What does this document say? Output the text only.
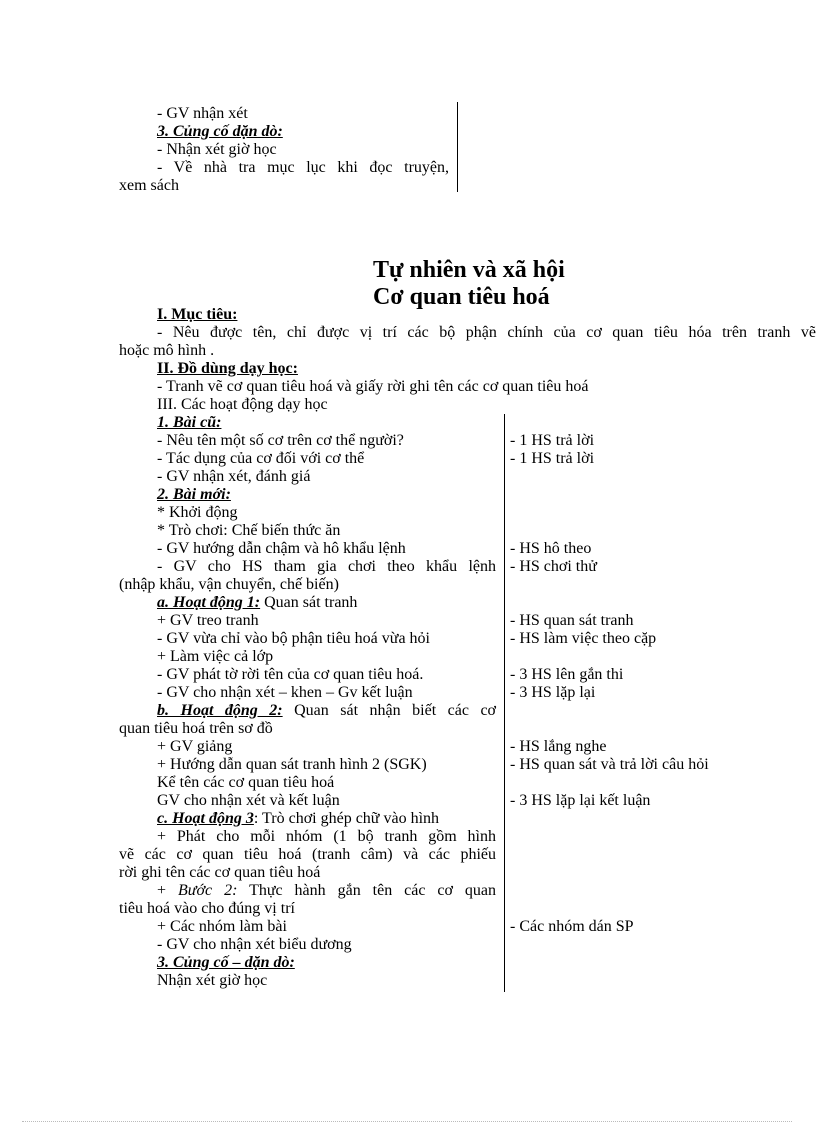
- GV nhận xét
3. Củng cố dặn dò:
- Nhận xét giờ học
- Về nhà tra mục lục khi đọc truyện,
xem sách
Tự nhiên và xã hội
Cơ quan tiêu hoá
I. Mục tiêu:
- Nêu được tên, chỉ được vị trí các bộ phận chính của cơ quan tiêu hóa trên tranh vẽ
hoặc mô hình .
II. Đồ dùng dạy học:
- Tranh vẽ cơ quan tiêu hoá và giấy rời ghi tên các cơ quan tiêu hoá
III. Các hoạt động dạy học
1. Bài cũ:
- Nêu tên một số cơ trên cơ thể người?
- Tác dụng của cơ đối với cơ thể
- GV nhận xét, đánh giá
2. Bài mới:
* Khởi động
* Trò chơi: Chế biến thức ăn
- GV hướng dẫn chậm và hô khẩu lệnh
- GV cho HS tham gia chơi theo khẩu lệnh
(nhập khẩu, vận chuyển, chế biến)
a. Hoạt động 1: Quan sát tranh
+ GV treo tranh
- GV vừa chỉ vào bộ phận tiêu hoá vừa hỏi
+ Làm việc cả lớp
- GV phát tờ rời tên của cơ quan tiêu hoá.
- GV cho nhận xét – khen – Gv kết luận
b. Hoạt động 2: Quan sát nhận biết các cơ
quan tiêu hoá trên sơ đồ
+ GV giảng
+ Hướng dẫn quan sát tranh hình 2 (SGK)
Kể tên các cơ quan tiêu hoá
GV cho nhận xét và kết luận
c. Hoạt động 3: Trò chơi ghép chữ vào hình
+ Phát cho mỗi nhóm (1 bộ tranh gồm hình
vẽ các cơ quan tiêu hoá (tranh câm) và các phiếu
rời ghi tên các cơ quan tiêu hoá
+ Bước 2: Thực hành gắn tên các cơ quan
tiêu hoá vào cho đúng vị trí
+ Các nhóm làm bài
- GV cho nhận xét biểu dương
3. Củng cố – dặn dò:
Nhận xét giờ học
- 1 HS trả lời
- 1 HS trả lời
- HS hô theo
- HS chơi thử
- HS quan sát tranh
- HS làm việc theo cặp
- 3 HS lên gắn thi
- 3 HS lặp lại
- HS lắng nghe
- HS quan sát và trả lời câu hỏi
- 3 HS lặp lại kết luận
- Các nhóm dán SP
